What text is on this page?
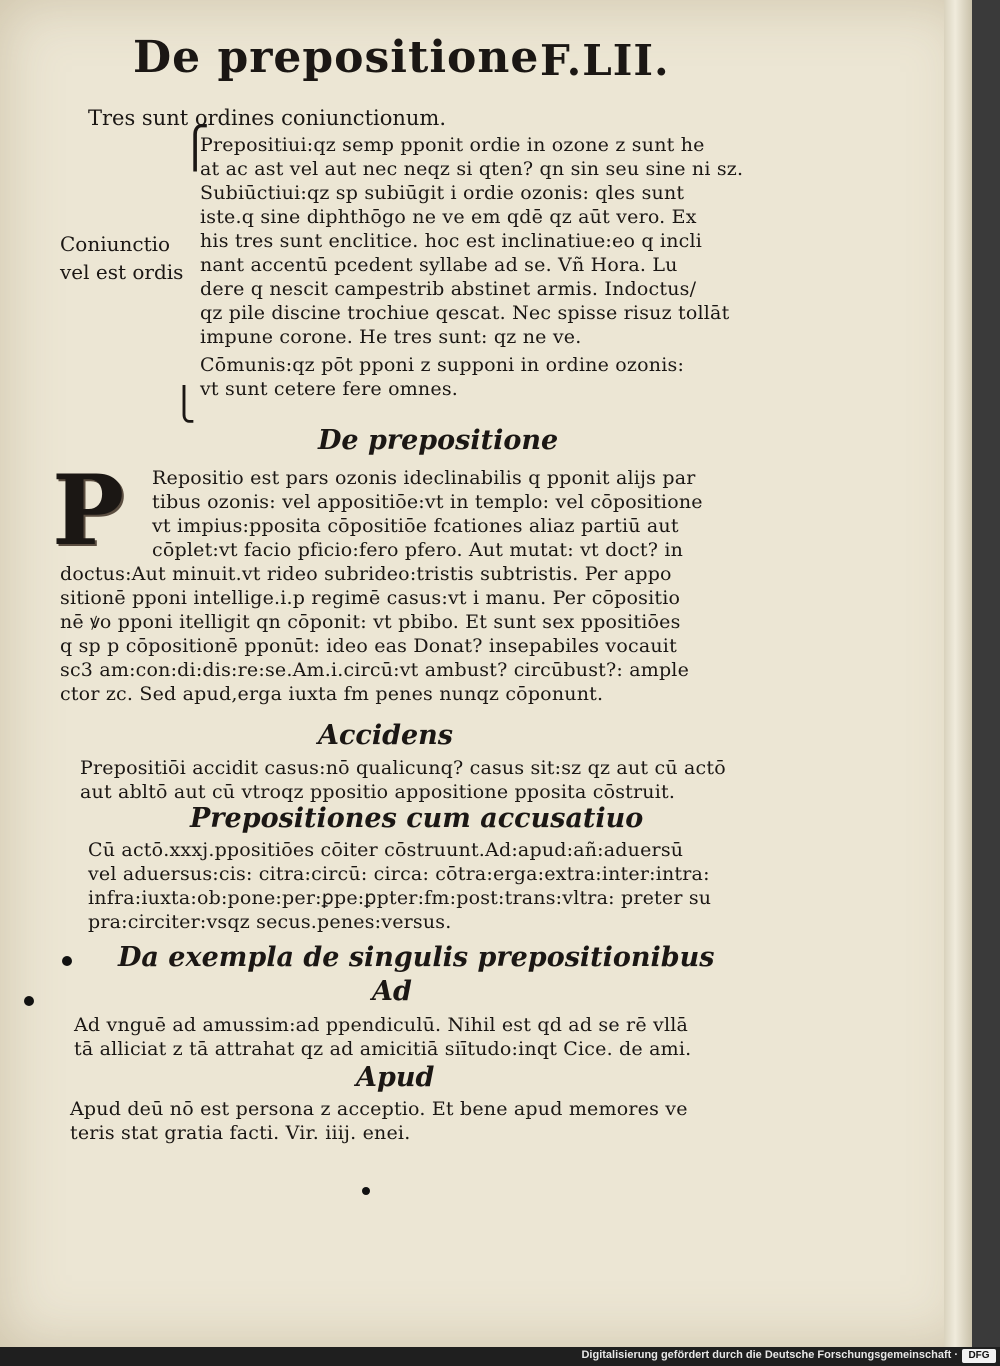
De prepositione F.LII.
Tres sunt ordines coniunctionum.
⎧
⎩
Coniunctio
vel est ordis
Prepositiui:qz semp pponit ordie in ozone z sunt he
at ac ast vel aut nec neqz si qten? qn sin seu sine ni sz.
Subiūctiui:qz sp subiūgit i ordie ozonis: qles sunt
iste.q sine diphthōgo ne ve em qdē qz aūt vero. Ex
his tres sunt enclitice. hoc est inclinatiue:eo q incli
nant accentū pcedent syllabe ad se. Vñ Hora. Lu
dere q nescit campestrib abstinet armis. Indoctus/
qz pile discine trochiue qescat. Nec spisse risuz tollāt
impune corone. He tres sunt: qz ne ve.
Cōmunis:qz pōt pponi z supponi in ordine ozonis:
vt sunt cetere fere omnes.
De prepositione
P	Repositio est pars ozonis ideclinabilis q pponit alijs par
tibus ozonis: vel appositiōe:vt in templo: vel cōpositione
vt impius:pposita cōpositiōe fcationes aliaz partiū aut
cōplet:vt facio pficio:fero pfero. Aut mutat: vt doct? in
doctus:Aut minuit.vt rideo subrideo:tristis subtristis. Per appo
sitionē pponi intellige.i.p regimē casus:vt i manu. Per cōpositio
nē ꝟo pponi itelligit qn cōponit: vt pbibo. Et sunt sex ppositiōes
q sp p cōpositionē pponūt: ideo eas Donat? insepabiles vocauit
sc3 am:con:di:dis:re:se.Am.i.circū:vt ambust? circūbust?: ample
ctor zc. Sed apud,erga iuxta fm penes nunqz cōponunt.
Accidens
Prepositiōi accidit casus:nō qualicunq? casus sit:sz qz aut cū actō
aut abltō aut cū vtroqz ppositio appositione pposita cōstruit.
Prepositiones cum accusatiuo
Cū actō.xxxj.ppositiōes cōiter cōstruunt.Ad:apud:añ:aduersū
vel aduersus:cis: citra:circū: circa: cōtra:erga:extra:inter:intra:
infra:iuxta:ob:pone:per:ꝑpe:ꝑpter:fm:post:trans:vltra: preter su
pra:circiter:vsqz secus.penes:versus.
Da exempla de singulis prepositionibus
Ad
Ad vnguē ad amussim:ad ppendiculū. Nihil est qd ad se rē vllā
tā alliciat z tā attrahat qz ad amicitiā siītudo:inqt Cice. de ami.
Apud
Apud deū nō est persona z acceptio. Et bene apud memores ve
teris stat gratia facti. Vir. iiij. enei.
Digitalisierung gefördert durch die Deutsche Forschungsgemeinschaft ·	DFG
